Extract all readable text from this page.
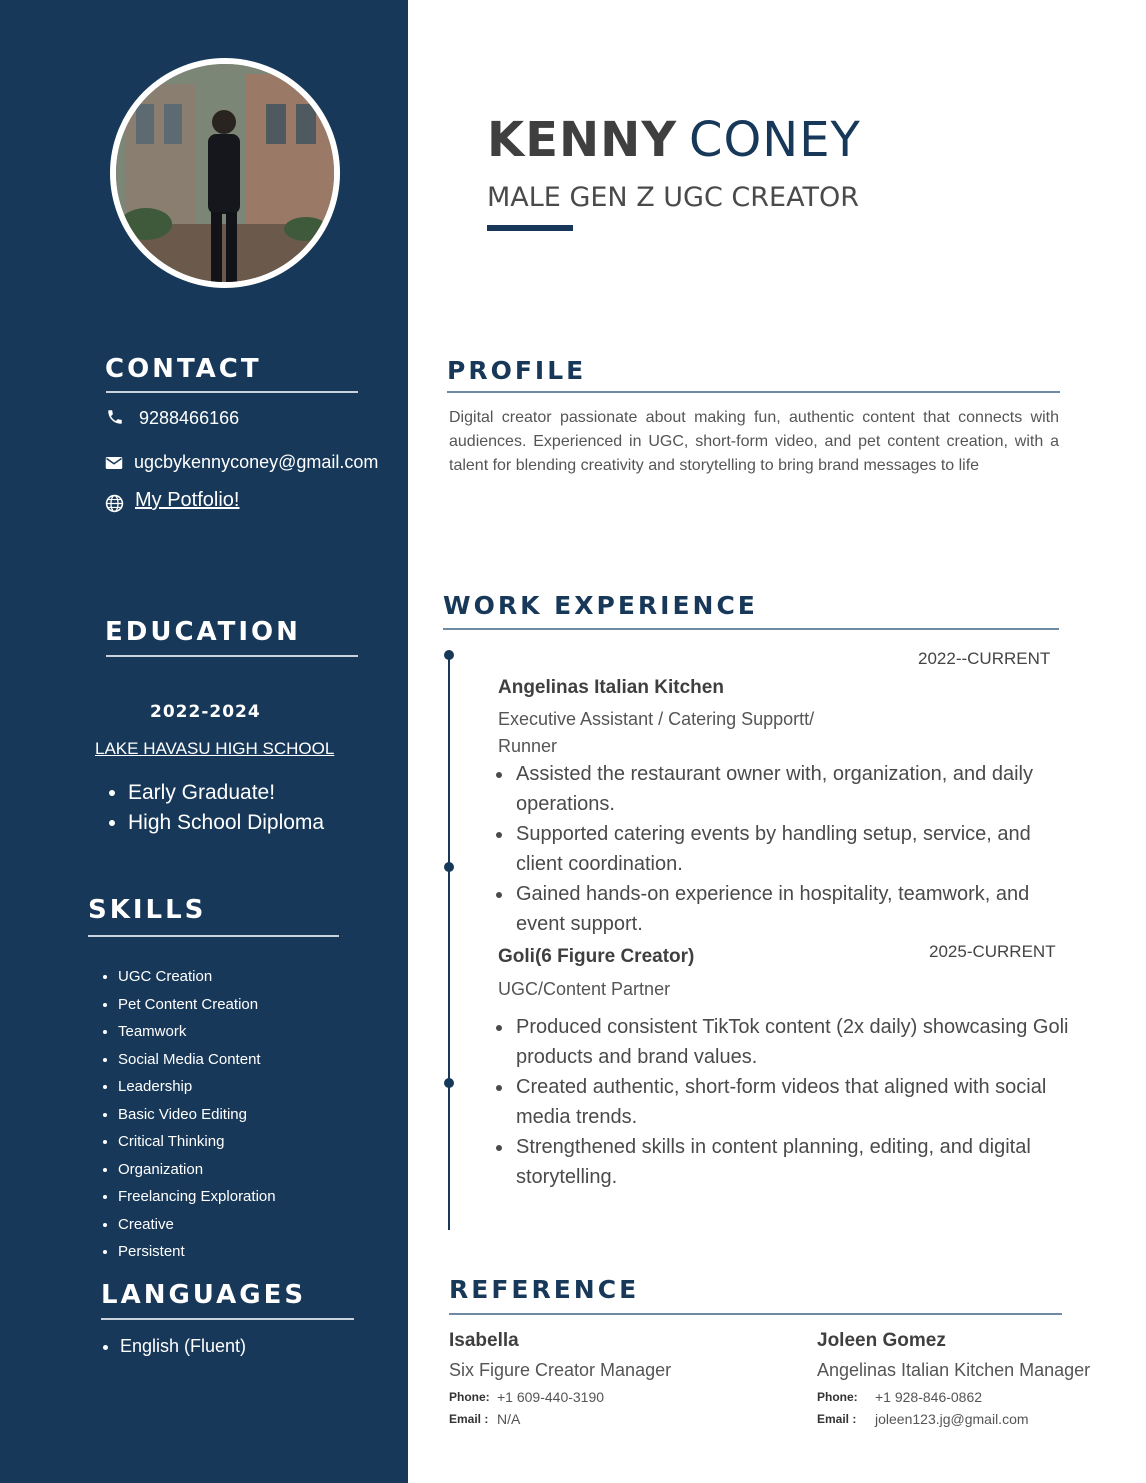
CONTACT
9288466166
ugcbykennyconey@gmail.com
My Potfolio!
EDUCATION
2022-2024
LAKE HAVASU HIGH SCHOOL
• Early Graduate!
• High School Diploma
SKILLS
• UGC Creation
• Pet Content Creation
• Teamwork
• Social Media Content
• Leadership
• Basic Video Editing
• Critical Thinking
• Organization
• Freelancing Exploration
• Creative
• Persistent
LANGUAGES
• English (Fluent)
KENNY CONEY
MALE GEN Z UGC CREATOR
PROFILE

Digital creator passionate about making fun, authentic content that connects with audiences. Experienced in UGC, short-form video, and pet content creation, with a talent for blending creativity and storytelling to bring brand messages to life

WORK EXPERIENCE
2022--CURRENT
Angelinas Italian Kitchen
Executive Assistant / Catering Supportt/
Runner
• Assisted the restaurant owner with, organization, and daily operations.
• Supported catering events by handling setup, service, and client coordination.
• Gained hands-on experience in hospitality, teamwork, and event support.
Goli(6 Figure Creator)	2025-CURRENT
UGC/Content Partner
• Produced consistent TikTok content (2x daily) showcasing Goli products and brand values.
• Created authentic, short-form videos that aligned with social media trends.
• Strengthened skills in content planning, editing, and digital storytelling.
REFERENCE
Isabella
Six Figure Creator Manager
Phone: +1 609-440-3190
Email : N/A
Joleen Gomez
Angelinas Italian Kitchen Manager
Phone: +1 928-846-0862
Email : joleen123.jg@gmail.com
